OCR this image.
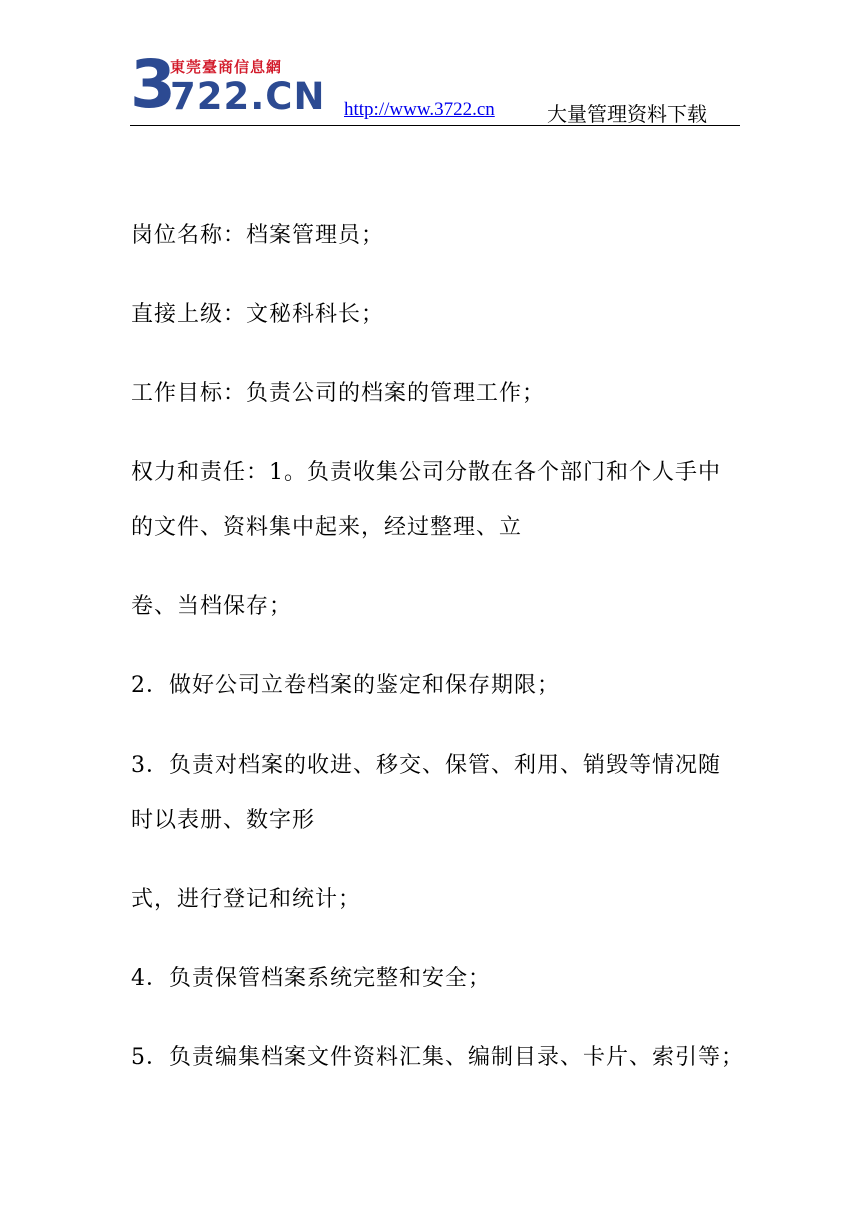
東莞臺商信息網
3
722.CN http://www.3722.cn	大量管理资料下载
岗位名称：档案管理员；
直接上级：文秘科科长；
工作目标：负责公司的档案的管理工作；
权力和责任：1。负责收集公司分散在各个部门和个人手中
的文件、资料集中起来，经过整理、立
卷、当档保存；
2．做好公司立卷档案的鉴定和保存期限；
3．负责对档案的收进、移交、保管、利用、销毁等情况随
时以表册、数字形
式，进行登记和统计；
4．负责保管档案系统完整和安全；
5．负责编集档案文件资料汇集、编制目录、卡片、索引等；
